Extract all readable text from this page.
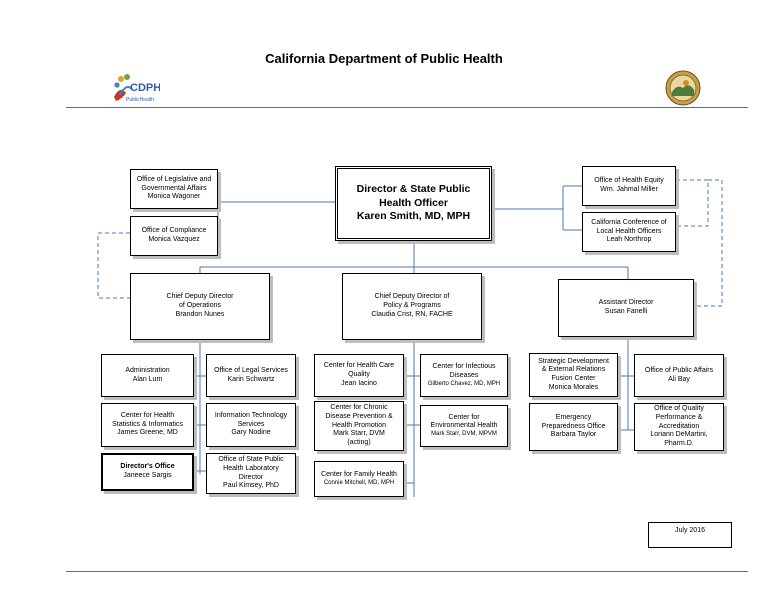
California Department of Public Health
CDPH
PublicHealth
Director & State Public
Health Officer
Karen Smith, MD, MPH
Office of Legislative and
Governmental Affairs
Monica Wagoner
Office of Compliance
Monica Vazquez
Office of Health Equity
Wm. Jahmal Miller
California Conference of
Local Health Officers
Leah Northrop
Chief Deputy Director
of Operations
Brandon Nunes
Chief Deputy Director of
Policy & Programs
Claudia Crist, RN, FACHE
Assistant Director
Susan Fanelli
Administration
Alan Lum
Office of Legal Services
Karin Schwartz
Center for Health
Statistics & Informatics
James Greene, MD
Information Technology
Services
Gary Nodine
Director's Office
Janeece Sargis
Office of State Public
Health Laboratory
Director
Paul Kimsey, PhD
Center for Health Care
Quality
Jean Iacino
Center for Infectious
Diseases
Gilberto Chavez, MD, MPH
Center for Chronic
Disease Prevention &
Health Promotion
Mark Starr, DVM
(acting)
Center for
Environmental Health
Mark Starr, DVM, MPVM
Center for Family Health
Connie Mitchell, MD, MPH
Strategic Development
& External Relations
Fusion Center
Monica Morales
Office of Public Affairs
Ali Bay
Emergency
Preparedness Office
Barbara Taylor
Office of Quality
Performance &
Accreditation
Loriann DeMartini,
Pharm.D.
July 2016
